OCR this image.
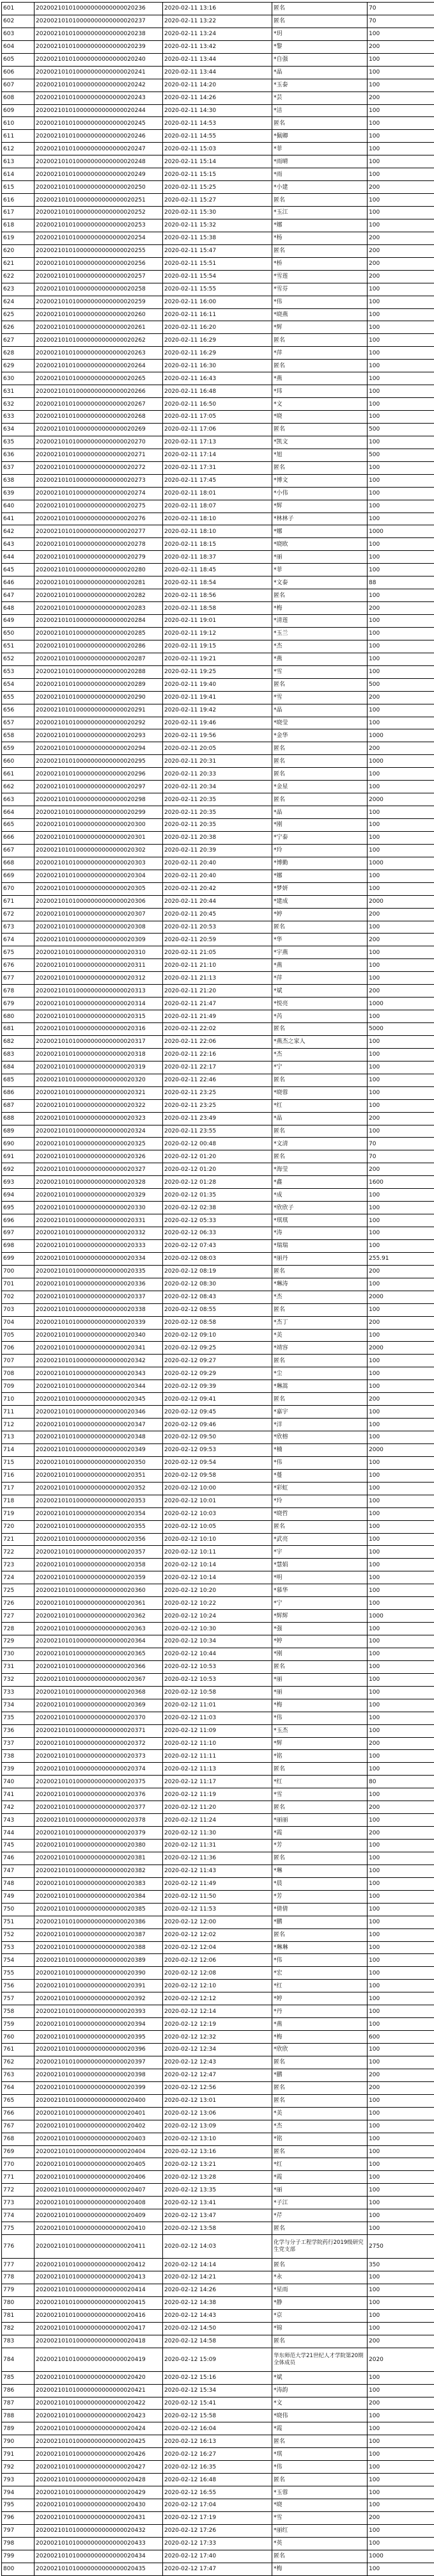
601	202002101010000000000000020236	2020-02-11 13:16	匿名	70
602	202002101010000000000000020237	2020-02-11 13:22	匿名	70
603	202002101010000000000000020238	2020-02-11 13:24	*玥	100
604	202002101010000000000000020239	2020-02-11 13:42	*黎	200
605	202002101010000000000000020240	2020-02-11 13:44	*自强	100
606	202002101010000000000000020241	2020-02-11 13:44	*晶	100
607	202002101010000000000000020242	2020-02-11 14:20	*玉泰	100
608	202002101010000000000000020243	2020-02-11 14:26	*芸	200
609	202002101010000000000000020244	2020-02-11 14:30	*洁	100
610	202002101010000000000000020245	2020-02-11 14:53	匿名	100
611	202002101010000000000000020246	2020-02-11 14:55	*佩卿	100
612	202002101010000000000000020247	2020-02-11 15:03	*菲	100
613	202002101010000000000000020248	2020-02-11 15:14	*雨晴	100
614	202002101010000000000000020249	2020-02-11 15:15	*雨	100
615	202002101010000000000000020250	2020-02-11 15:25	*小建	200
616	202002101010000000000000020251	2020-02-11 15:27	匿名	100
617	202002101010000000000000020252	2020-02-11 15:30	*玉江	100
618	202002101010000000000000020253	2020-02-11 15:32	*娜	100
619	202002101010000000000000020254	2020-02-11 15:38	*杨	200
620	202002101010000000000000020255	2020-02-11 15:47	匿名	200
621	202002101010000000000000020256	2020-02-11 15:51	*桥	200
622	202002101010000000000000020257	2020-02-11 15:54	*雪莲	200
623	202002101010000000000000020258	2020-02-11 15:55	*雪芬	100
624	202002101010000000000000020259	2020-02-11 16:00	*伟	100
625	202002101010000000000000020260	2020-02-11 16:11	*晓燕	100
626	202002101010000000000000020261	2020-02-11 16:20	*辉	100
627	202002101010000000000000020262	2020-02-11 16:29	匿名	100
628	202002101010000000000000020263	2020-02-11 16:29	*萍	100
629	202002101010000000000000020264	2020-02-11 16:30	匿名	100
630	202002101010000000000000020265	2020-02-11 16:43	*燕	100
631	202002101010000000000000020266	2020-02-11 16:48	*玮	100
632	202002101010000000000000020267	2020-02-11 16:50	*文	100
633	202002101010000000000000020268	2020-02-11 17:05	*晓	100
634	202002101010000000000000020269	2020-02-11 17:06	匿名	500
635	202002101010000000000000020270	2020-02-11 17:13	*凯文	100
636	202002101010000000000000020271	2020-02-11 17:14	*旭	500
637	202002101010000000000000020272	2020-02-11 17:31	匿名	100
638	202002101010000000000000020273	2020-02-11 17:45	*博文	100
639	202002101010000000000000020274	2020-02-11 18:01	*小伟	100
640	202002101010000000000000020275	2020-02-11 18:07	*辉	100
641	202002101010000000000000020276	2020-02-11 18:10	*林林子	100
642	202002101010000000000000020277	2020-02-11 18:10	*娜	1000
643	202002101010000000000000020278	2020-02-11 18:15	*晓欧	100
644	202002101010000000000000020279	2020-02-11 18:37	*丽	100
645	202002101010000000000000020280	2020-02-11 18:45	*菲	100
646	202002101010000000000000020281	2020-02-11 18:54	*文泰	88
647	202002101010000000000000020282	2020-02-11 18:56	匿名	100
648	202002101010000000000000020283	2020-02-11 18:58	*梅	200
649	202002101010000000000000020284	2020-02-11 19:01	*清莲	100
650	202002101010000000000000020285	2020-02-11 19:12	*玉兰	100
651	202002101010000000000000020286	2020-02-11 19:15	*杰	100
652	202002101010000000000000020287	2020-02-11 19:21	*燕	100
653	202002101010000000000000020288	2020-02-11 19:25	*雪	100
654	202002101010000000000000020289	2020-02-11 19:40	匿名	500
655	202002101010000000000000020290	2020-02-11 19:41	*雪	200
656	202002101010000000000000020291	2020-02-11 19:42	*晶	100
657	202002101010000000000000020292	2020-02-11 19:46	*晓莹	100
658	202002101010000000000000020293	2020-02-11 19:56	*金华	1000
659	202002101010000000000000020294	2020-02-11 20:05	匿名	200
660	202002101010000000000000020295	2020-02-11 20:31	匿名	1000
661	202002101010000000000000020296	2020-02-11 20:33	匿名	100
662	202002101010000000000000020297	2020-02-11 20:34	*金星	100
663	202002101010000000000000020298	2020-02-11 20:35	匿名	2000
664	202002101010000000000000020299	2020-02-11 20:35	*晶	100
665	202002101010000000000000020300	2020-02-11 20:35	*刚	100
666	202002101010000000000000020301	2020-02-11 20:38	*宁泰	100
667	202002101010000000000000020302	2020-02-11 20:39	*玲	100
668	202002101010000000000000020303	2020-02-11 20:40	*博勤	1000
669	202002101010000000000000020304	2020-02-11 20:40	*娜	100
670	202002101010000000000000020305	2020-02-11 20:42	*梦妍	100
671	202002101010000000000000020306	2020-02-11 20:44	*建成	2000
672	202002101010000000000000020307	2020-02-11 20:45	*婷	200
673	202002101010000000000000020308	2020-02-11 20:53	匿名	100
674	202002101010000000000000020309	2020-02-11 20:59	*华	200
675	202002101010000000000000020310	2020-02-11 21:05	*宇燕	100
676	202002101010000000000000020311	2020-02-11 21:10	*燕	100
677	202002101010000000000000020312	2020-02-11 21:13	*萍	100
678	202002101010000000000000020313	2020-02-11 21:20	*斌	200
679	202002101010000000000000020314	2020-02-11 21:47	*悦亮	1000
680	202002101010000000000000020315	2020-02-11 21:49	*芮	100
681	202002101010000000000000020316	2020-02-11 22:02	匿名	5000
682	202002101010000000000000020317	2020-02-11 22:06	*燕杰之家人	100
683	202002101010000000000000020318	2020-02-11 22:16	*杰	100
684	202002101010000000000000020319	2020-02-11 22:17	*宁	100
685	202002101010000000000000020320	2020-02-11 22:46	匿名	100
686	202002101010000000000000020321	2020-02-11 23:25	*晓蓉	100
687	202002101010000000000000020322	2020-02-11 23:25	*红	100
688	202002101010000000000000020323	2020-02-11 23:49	*晶	200
689	202002101010000000000000020324	2020-02-11 23:55	匿名	100
690	202002101010000000000000020325	2020-02-12 00:48	*文清	70
691	202002101010000000000000020326	2020-02-12 01:20	匿名	70
692	202002101010000000000000020327	2020-02-12 01:20	*海莹	200
693	202002101010000000000000020328	2020-02-12 01:28	*鑫	1600
694	202002101010000000000000020329	2020-02-12 01:35	*成	100
695	202002101010000000000000020330	2020-02-12 02:38	*欣欣子	100
696	202002101010000000000000020331	2020-02-12 05:33	*琪琪	100
697	202002101010000000000000020332	2020-02-12 06:33	*涛	100
698	202002101010000000000000020333	2020-02-12 07:43	*瑞瑞	100
699	202002101010000000000000020334	2020-02-12 08:03	*丽丹	255.91
700	202002101010000000000000020335	2020-02-12 08:19	匿名	200
701	202002101010000000000000020336	2020-02-12 08:30	*琳涛	100
702	202002101010000000000000020337	2020-02-12 08:43	*杰	2000
703	202002101010000000000000020338	2020-02-12 08:55	匿名	100
704	202002101010000000000000020339	2020-02-12 08:58	*杰丁	200
705	202002101010000000000000020340	2020-02-12 09:10	*美	100
706	202002101010000000000000020341	2020-02-12 09:25	*靖容	2000
707	202002101010000000000000020342	2020-02-12 09:27	匿名	100
708	202002101010000000000000020343	2020-02-12 09:29	*尘	100
709	202002101010000000000000020344	2020-02-12 09:39	*琳嵩	100
710	202002101010000000000000020345	2020-02-12 09:41	匿名	200
711	202002101010000000000000020346	2020-02-12 09:45	*嘉宇	100
712	202002101010000000000000020347	2020-02-12 09:46	*洋	100
713	202002101010000000000000020348	2020-02-12 09:50	*欣榕	100
714	202002101010000000000000020349	2020-02-12 09:53	*楠	2000
715	202002101010000000000000020350	2020-02-12 09:54	*伟	100
716	202002101010000000000000020351	2020-02-12 09:58	*蔓	100
717	202002101010000000000000020352	2020-02-12 10:00	*彩虹	100
718	202002101010000000000000020353	2020-02-12 10:01	*玲	100
719	202002101010000000000000020354	2020-02-12 10:03	*晓哲	100
720	202002101010000000000000020355	2020-02-12 10:05	匿名	100
721	202002101010000000000000020356	2020-02-12 10:10	*武亮	100
722	202002101010000000000000020357	2020-02-12 10:11	*宇	100
723	202002101010000000000000020358	2020-02-12 10:14	*慧娟	100
724	202002101010000000000000020359	2020-02-12 10:14	*明	100
725	202002101010000000000000020360	2020-02-12 10:20	*慕华	100
726	202002101010000000000000020361	2020-02-12 10:22	*宁	100
727	202002101010000000000000020362	2020-02-12 10:24	*辉辉	1000
728	202002101010000000000000020363	2020-02-12 10:30	*强	100
729	202002101010000000000000020364	2020-02-12 10:34	*婷	100
730	202002101010000000000000020365	2020-02-12 10:44	*刚	100
731	202002101010000000000000020366	2020-02-12 10:53	匿名	100
732	202002101010000000000000020367	2020-02-12 10:53	*丽	100
733	202002101010000000000000020368	2020-02-12 10:58	*丽	100
734	202002101010000000000000020369	2020-02-12 11:01	*梅	100
735	202002101010000000000000020370	2020-02-12 11:03	*伟	100
736	202002101010000000000000020371	2020-02-12 11:09	*玉杰	100
737	202002101010000000000000020372	2020-02-12 11:10	*辉	200
738	202002101010000000000000020373	2020-02-12 11:11	*铭	100
739	202002101010000000000000020374	2020-02-12 11:13	匿名	100
740	202002101010000000000000020375	2020-02-12 11:17	*红	80
741	202002101010000000000000020376	2020-02-12 11:19	*雪	100
742	202002101010000000000000020377	2020-02-12 11:20	匿名	200
743	202002101010000000000000020378	2020-02-12 11:24	*丽丽	100
744	202002101010000000000000020379	2020-02-12 11:30	*霞	200
745	202002101010000000000000020380	2020-02-12 11:31	*芳	100
746	202002101010000000000000020381	2020-02-12 11:36	匿名	100
747	202002101010000000000000020382	2020-02-12 11:43	*琳	100
748	202002101010000000000000020383	2020-02-12 11:49	*晨	100
749	202002101010000000000000020384	2020-02-12 11:50	*芳	100
750	202002101010000000000000020385	2020-02-12 11:53	*倩倩	100
751	202002101010000000000000020386	2020-02-12 12:00	*鹏	100
752	202002101010000000000000020387	2020-02-12 12:02	匿名	100
753	202002101010000000000000020388	2020-02-12 12:04	*琳琳	100
754	202002101010000000000000020389	2020-02-12 12:06	*伟	100
755	202002101010000000000000020390	2020-02-12 12:08	*宏	100
756	202002101010000000000000020391	2020-02-12 12:10	*红	100
757	202002101010000000000000020392	2020-02-12 12:12	*婷	100
758	202002101010000000000000020393	2020-02-12 12:14	*丹	100
759	202002101010000000000000020394	2020-02-12 12:19	*燕	100
760	202002101010000000000000020395	2020-02-12 12:32	*梅	600
761	202002101010000000000000020396	2020-02-12 12:34	*欣欣	100
762	202002101010000000000000020397	2020-02-12 12:43	匿名	100
763	202002101010000000000000020398	2020-02-12 12:47	*鹏	200
764	202002101010000000000000020399	2020-02-12 12:56	匿名	200
765	202002101010000000000000020400	2020-02-12 13:01	匿名	100
766	202002101010000000000000020401	2020-02-12 13:06	*美	100
767	202002101010000000000000020402	2020-02-12 13:09	*杰	100
768	202002101010000000000000020403	2020-02-12 13:10	*铭	100
769	202002101010000000000000020404	2020-02-12 13:16	匿名	100
770	202002101010000000000000020405	2020-02-12 13:21	*红	100
771	202002101010000000000000020406	2020-02-12 13:28	*霞	100
772	202002101010000000000000020407	2020-02-12 13:35	*丽	100
773	202002101010000000000000020408	2020-02-12 13:41	*子江	100
774	202002101010000000000000020409	2020-02-12 13:47	*芹	100
775	202002101010000000000000020410	2020-02-12 13:58	匿名	100
776	202002101010000000000000020411	2020-02-12 14:03	化学与分子工程学院药行2019级研究生党支部	2750
777	202002101010000000000000020412	2020-02-12 14:14	匿名	350
778	202002101010000000000000020413	2020-02-12 14:21	*永	100
779	202002101010000000000000020414	2020-02-12 14:26	*星雨	100
780	202002101010000000000000020415	2020-02-12 14:38	*静	100
781	202002101010000000000000020416	2020-02-12 14:43	*京	100
782	202002101010000000000000020417	2020-02-12 14:50	*锦	100
783	202002101010000000000000020418	2020-02-12 14:58	匿名	200
784	202002101010000000000000020419	2020-02-12 15:09	华东师范大学21世纪人才学院第20期全体成员	2020
785	202002101010000000000000020420	2020-02-12 15:16	*斌	100
786	202002101010000000000000020421	2020-02-12 15:34	*涛韵	100
787	202002101010000000000000020422	2020-02-12 15:41	*文	200
788	202002101010000000000000020423	2020-02-12 15:58	*晓伟	100
789	202002101010000000000000020424	2020-02-12 16:04	*霞	100
790	202002101010000000000000020425	2020-02-12 16:13	匿名	100
791	202002101010000000000000020426	2020-02-12 16:27	*琪	100
792	202002101010000000000000020427	2020-02-12 16:35	*伟	100
793	202002101010000000000000020428	2020-02-12 16:48	匿名	100
794	202002101010000000000000020429	2020-02-12 16:55	*玉蓉	100
795	202002101010000000000000020430	2020-02-12 17:04	*晓	100
796	202002101010000000000000020431	2020-02-12 17:19	*雪	200
797	202002101010000000000000020432	2020-02-12 17:26	*丽红	100
798	202002101010000000000000020433	2020-02-12 17:33	*英	100
799	202002101010000000000000020434	2020-02-12 17:40	匿名	1000
800	202002101010000000000000020435	2020-02-12 17:47	*梅	100
